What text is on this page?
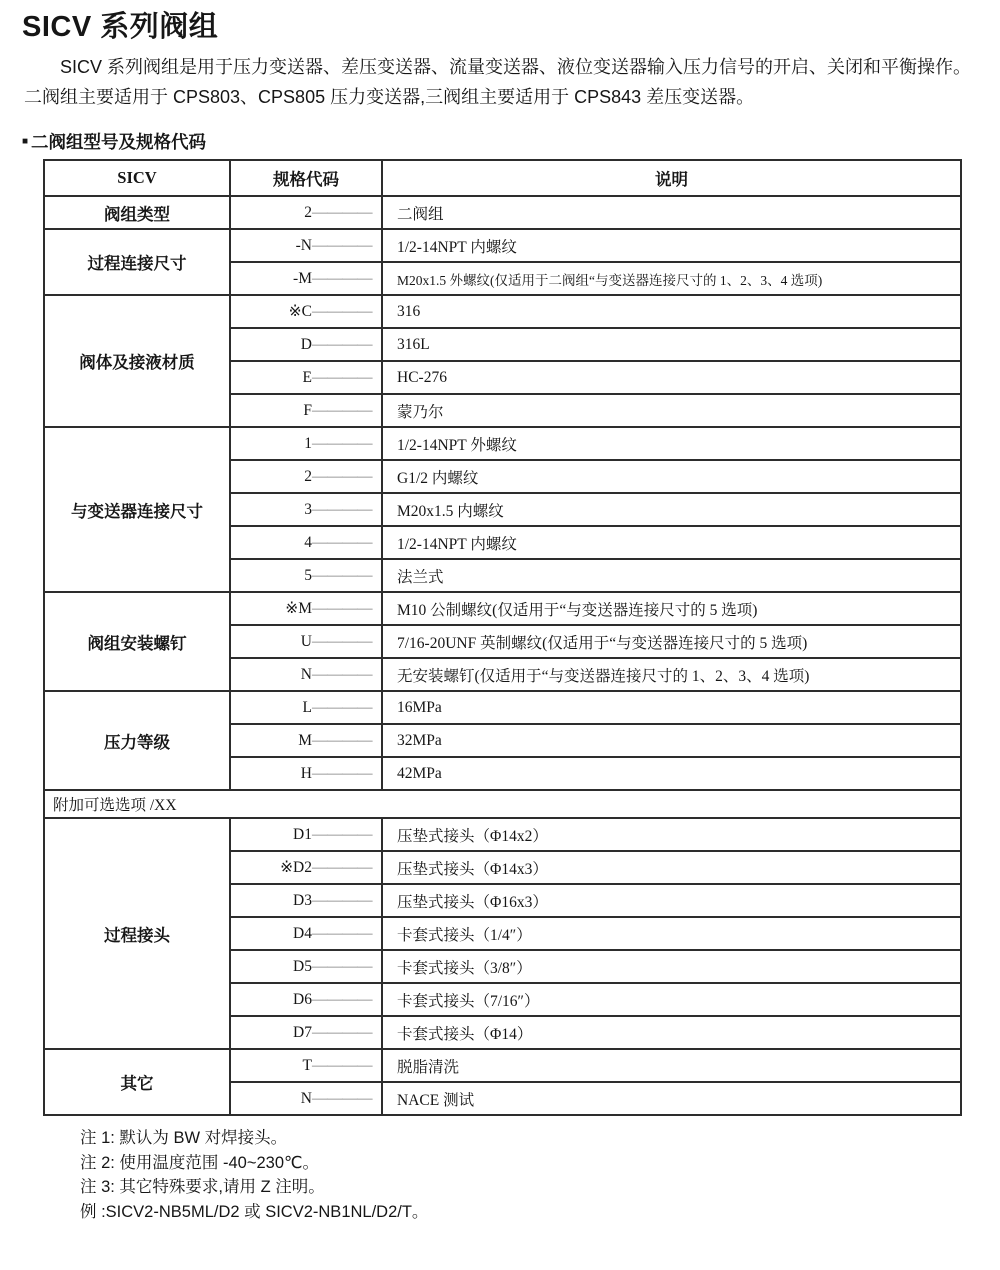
SICV 系列阀组

SICV 系列阀组是用于压力变送器、差压变送器、流量变送器、液位变送器输入压力信号的开启、关闭和平衡操作。二阀组主要适用于 CPS803、CPS805 压力变送器,三阀组主要适用于 CPS843 差压变送器。

■ 二阀组型号及规格代码
SICV	规格代码	说明
阀组类型	2————	二阀组
过程连接尺寸	-N————	1/2-14NPT 内螺纹
	-M————	M20x1.5 外螺纹(仅适用于二阀组“与变送器连接尺寸的 1、2、3、4 选项)
阀体及接液材质	※C————	316
	D————	316L
	E————	HC-276
	F————	蒙乃尔
与变送器连接尺寸	1————	1/2-14NPT 外螺纹
	2————	G1/2 内螺纹
	3————	M20x1.5 内螺纹
	4————	1/2-14NPT 内螺纹
	5————	法兰式
阀组安装螺钉	※M————	M10 公制螺纹(仅适用于“与变送器连接尺寸的 5 选项)
	U————	7/16-20UNF 英制螺纹(仅适用于“与变送器连接尺寸的 5 选项)
	N————	无安装螺钉(仅适用于“与变送器连接尺寸的 1、2、3、4 选项)
压力等级	L————	16MPa
	M————	32MPa
	H————	42MPa
附加可选选项 /XX		
过程接头	D1————	压垫式接头（Φ14x2）
	※D2————	压垫式接头（Φ14x3）
	D3————	压垫式接头（Φ16x3）
	D4————	卡套式接头（1/4″）
	D5————	卡套式接头（3/8″）
	D6————	卡套式接头（7/16″）
	D7————	卡套式接头（Φ14）
其它	T————	脱脂清洗
	N————	NACE 测试
注 1: 默认为 BW 对焊接头。
注 2: 使用温度范围 -40~230℃。
注 3: 其它特殊要求,请用 Z 注明。
例 :SICV2-NB5ML/D2 或 SICV2-NB1NL/D2/T。
